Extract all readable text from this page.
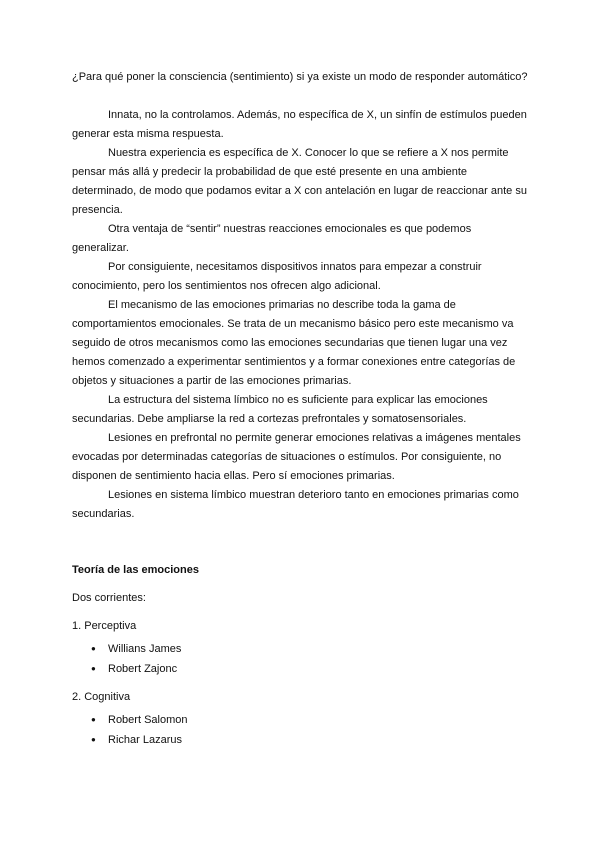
¿Para qué poner la consciencia (sentimiento) si ya existe un modo de responder automático?

Innata, no la controlamos. Además, no específica de X, un sinfín de estímulos pueden generar esta misma respuesta.

Nuestra experiencia es específica de X. Conocer lo que se refiere a X nos permite pensar más allá y predecir la probabilidad de que esté presente en una ambiente determinado, de modo que podamos evitar a X con antelación en lugar de reaccionar ante su presencia.

Otra ventaja de “sentir” nuestras reacciones emocionales es que podemos generalizar.

Por consiguiente, necesitamos dispositivos innatos para empezar a construir conocimiento, pero los sentimientos nos ofrecen algo adicional.

El mecanismo de las emociones primarias no describe toda la gama de comportamientos emocionales. Se trata de un mecanismo básico pero este mecanismo va seguido de otros mecanismos como las emociones secundarias que tienen lugar una vez hemos comenzado a experimentar sentimientos y a formar conexiones entre categorías de objetos y situaciones a partir de las emociones primarias.

La estructura del sistema límbico no es suficiente para explicar las emociones secundarias. Debe ampliarse la red a cortezas prefrontales y somatosensoriales.

Lesiones en prefrontal no permite generar emociones relativas a imágenes mentales evocadas por determinadas categorías de situaciones o estímulos. Por consiguiente, no disponen de sentimiento hacia ellas. Pero sí emociones primarias.

Lesiones en sistema límbico muestran deterioro tanto en emociones primarias como secundarias.

Teoría de las emociones

Dos corrientes:

1. Perceptiva

● Willians James
● Robert Zajonc

2. Cognitiva

● Robert Salomon
● Richar Lazarus
